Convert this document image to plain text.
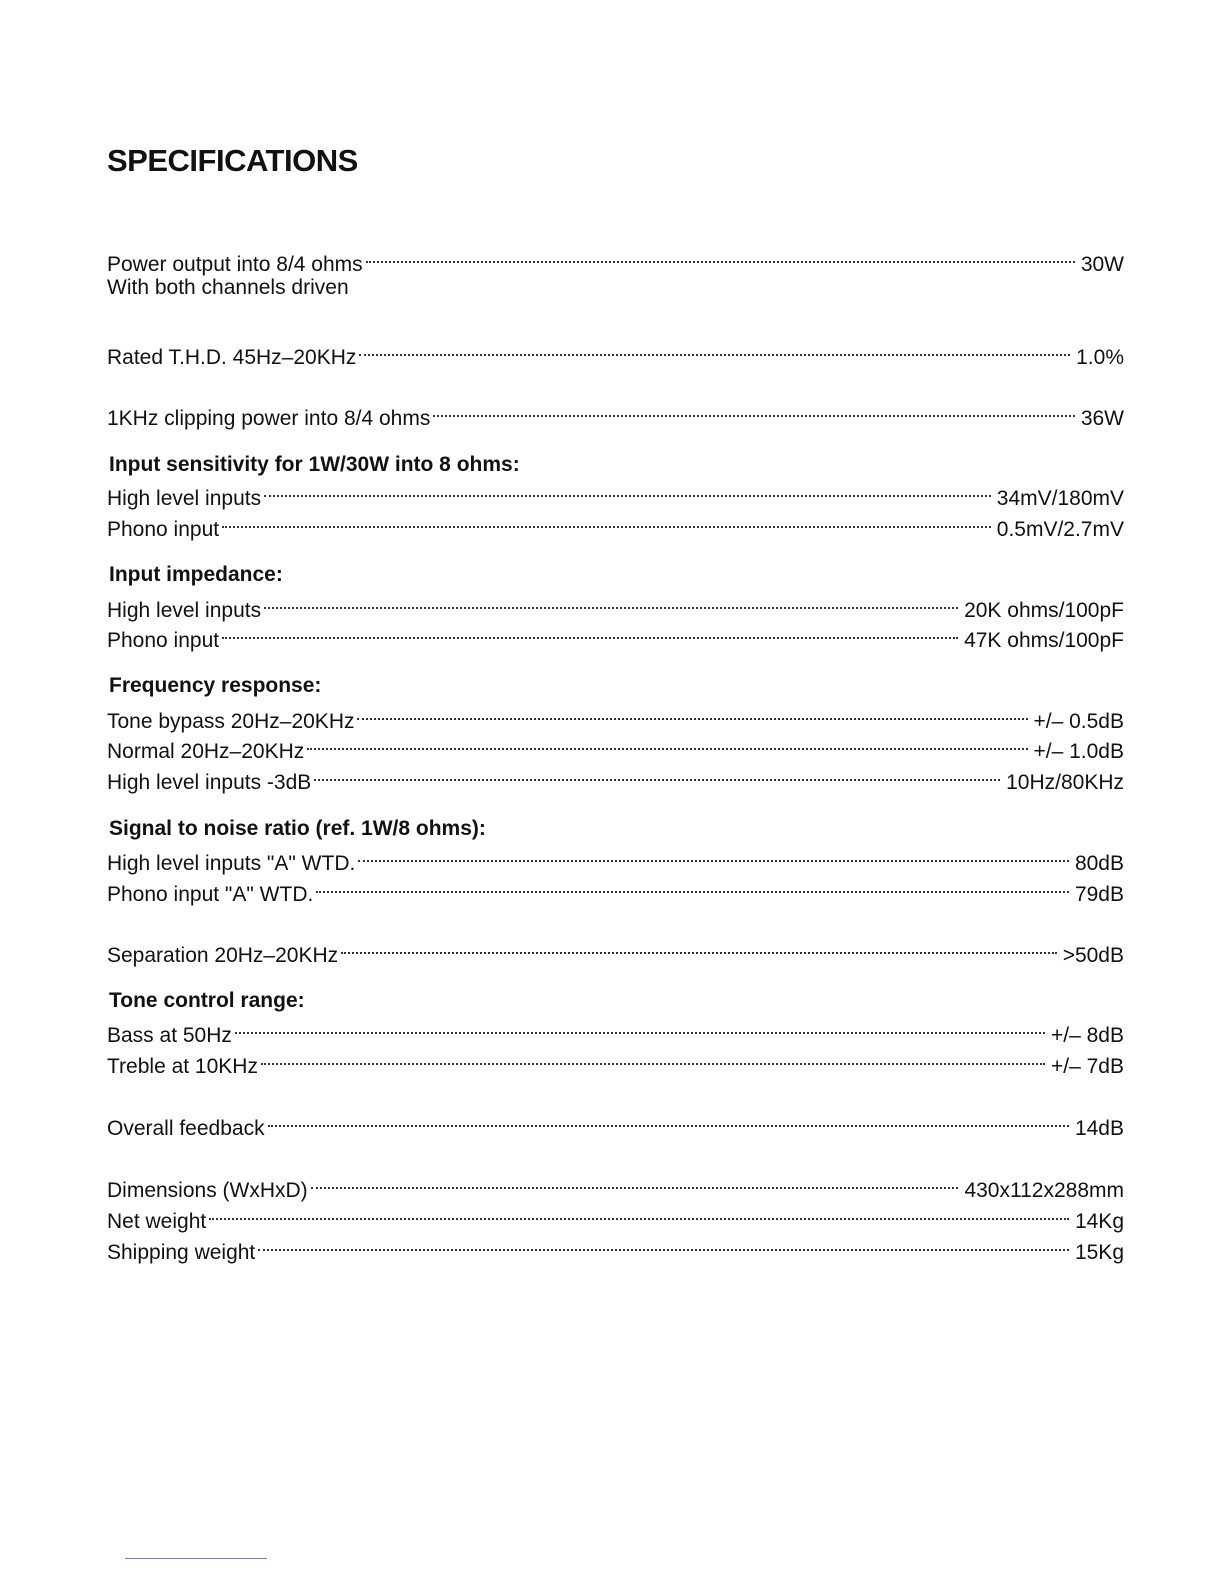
SPECIFICATIONS
Power output into 8/4 ohms	30W
With both channels driven
Rated T.H.D. 45Hz–20KHz	1.0%
1KHz clipping power into 8/4 ohms	36W
Input sensitivity for 1W/30W into 8 ohms:
High level inputs	34mV/180mV
Phono input	0.5mV/2.7mV
Input impedance:
High level inputs	20K ohms/100pF
Phono input	47K ohms/100pF
Frequency response:
Tone bypass 20Hz–20KHz	+/– 0.5dB
Normal 20Hz–20KHz	+/– 1.0dB
High level inputs -3dB	10Hz/80KHz
Signal to noise ratio (ref. 1W/8 ohms):
High level inputs "A" WTD.	80dB
Phono input "A" WTD.	79dB
Separation 20Hz–20KHz	>50dB
Tone control range:
Bass at 50Hz	+/– 8dB
Treble at 10KHz	+/– 7dB
Overall feedback	14dB
Dimensions (WxHxD)	430x112x288mm
Net weight	14Kg
Shipping weight	15Kg
